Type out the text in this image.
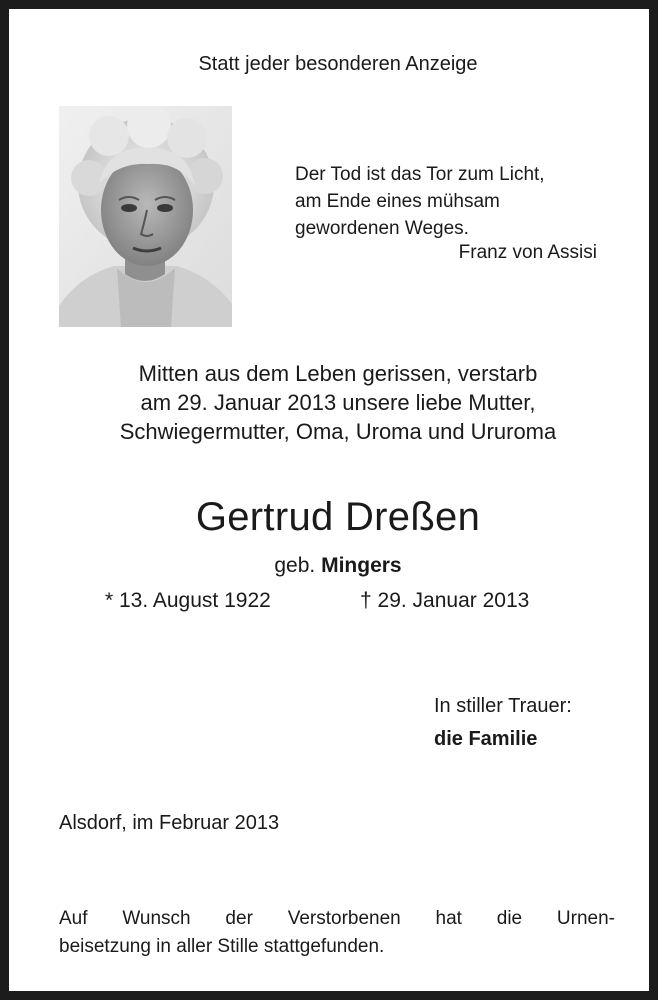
Statt jeder besonderen Anzeige
Der Tod ist das Tor zum Licht,
am Ende eines mühsam
gewordenen Weges.
Franz von Assisi
Mitten aus dem Leben gerissen, verstarb
am 29. Januar 2013 unsere liebe Mutter,
Schwiegermutter, Oma, Uroma und Ururoma
Gertrud Dreßen
geb. Mingers
* 13. August 1922	† 29. Januar 2013
In stiller Trauer:
die Familie
Alsdorf, im Februar 2013
Auf Wunsch der Verstorbenen hat die Urnen-
beisetzung in aller Stille stattgefunden.
